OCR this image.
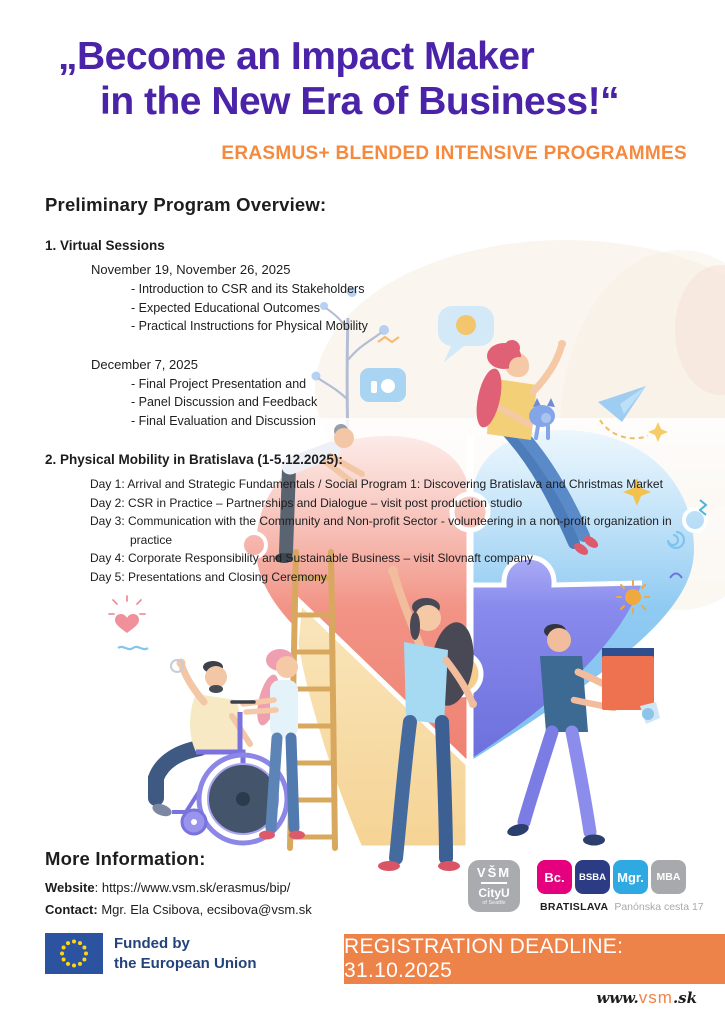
„Become an Impact Maker
in the New Era of Business!“
ERASMUS+ BLENDED INTENSIVE PROGRAMMES
Preliminary Program Overview:
1. Virtual Sessions
November 19, November 26, 2025
- Introduction to CSR and its Stakeholders
- Expected Educational Outcomes
- Practical Instructions for Physical Mobility
December 7, 2025
- Final Project Presentation and
- Panel Discussion and Feedback
- Final Evaluation and Discussion
2. Physical Mobility in Bratislava (1-5.12.2025):
Day 1: Arrival and Strategic Fundamentals / Social Program 1: Discovering Bratislava and Christmas Market
Day 2: CSR in Practice – Partnerships and Dialogue – visit post production studio
Day 3: Communication with the Community and Non-profit Sector - volunteering in a non-profit organization in practice
Day 4: Corporate Responsibility and Sustainable Business – visit Slovnaft company
Day 5: Presentations and Closing Ceremony
More Information:
Website: https://www.vsm.sk/erasmus/bip/
Contact: Mgr. Ela Csibova, ecsibova@vsm.sk
VŠM
CityU
of Seattle
Bc.	BSBA Mgr.	MBA
BRATISLAVA Panónska cesta 17
Funded by
the European Union
REGISTRATION DEADLINE: 31.10.2025
www.vsm.sk
